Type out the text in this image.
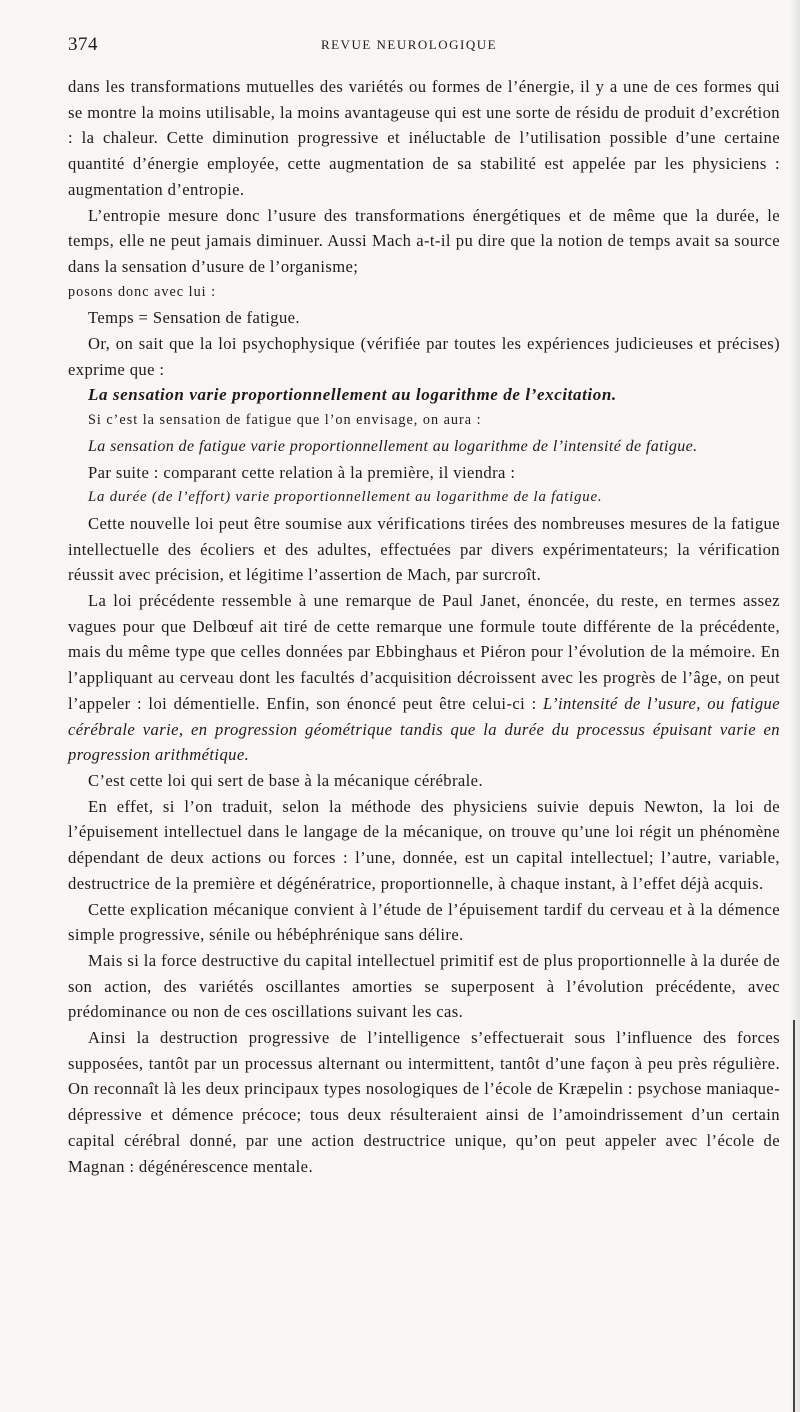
374	REVUE NEUROLOGIQUE

dans les transformations mutuelles des variétés ou formes de l’énergie, il y a une de ces formes qui se montre la moins utilisable, la moins avantageuse qui est une sorte de résidu de produit d’excrétion : la chaleur. Cette diminution progressive et inéluctable de l’utilisation possible d’une certaine quantité d’énergie employée, cette augmentation de sa stabilité est appelée par les physiciens : augmentation d’entropie.

L’entropie mesure donc l’usure des transformations énergétiques et de même que la durée, le temps, elle ne peut jamais diminuer. Aussi Mach a-t-il pu dire que la notion de temps avait sa source dans la sensation d’usure de l’organisme;

posons donc avec lui :

Temps = Sensation de fatigue.

Or, on sait que la loi psychophysique (vérifiée par toutes les expériences judicieuses et précises) exprime que :

La sensation varie proportionnellement au logarithme de l’excitation.

Si c’est la sensation de fatigue que l’on envisage, on aura :

La sensation de fatigue varie proportionnellement au logarithme de l’intensité de fatigue.

Par suite : comparant cette relation à la première, il viendra :

La durée (de l’effort) varie proportionnellement au logarithme de la fatigue.

Cette nouvelle loi peut être soumise aux vérifications tirées des nombreuses mesures de la fatigue intellectuelle des écoliers et des adultes, effectuées par divers expérimentateurs; la vérification réussit avec précision, et légitime l’assertion de Mach, par surcroît.

La loi précédente ressemble à une remarque de Paul Janet, énoncée, du reste, en termes assez vagues pour que Delbœuf ait tiré de cette remarque une formule toute différente de la précédente, mais du même type que celles données par Ebbinghaus et Piéron pour l’évolution de la mémoire. En l’appliquant au cerveau dont les facultés d’acquisition décroissent avec les progrès de l’âge, on peut l’appeler : loi démentielle. Enfin, son énoncé peut être celui-ci : L’intensité de l’usure, ou fatigue cérébrale varie, en progression géométrique tandis que la durée du processus épuisant varie en progression arithmétique.

C’est cette loi qui sert de base à la mécanique cérébrale.

En effet, si l’on traduit, selon la méthode des physiciens suivie depuis Newton, la loi de l’épuisement intellectuel dans le langage de la mécanique, on trouve qu’une loi régit un phénomène dépendant de deux actions ou forces : l’une, donnée, est un capital intellectuel; l’autre, variable, destructrice de la première et dégénératrice, proportionnelle, à chaque instant, à l’effet déjà acquis.

Cette explication mécanique convient à l’étude de l’épuisement tardif du cerveau et à la démence simple progressive, sénile ou hébéphrénique sans délire.

Mais si la force destructive du capital intellectuel primitif est de plus proportionnelle à la durée de son action, des variétés oscillantes amorties se superposent à l’évolution précédente, avec prédominance ou non de ces oscillations suivant les cas.

Ainsi la destruction progressive de l’intelligence s’effectuerait sous l’influence des forces supposées, tantôt par un processus alternant ou intermittent, tantôt d’une façon à peu près régulière. On reconnaît là les deux principaux types nosologiques de l’école de Kræpelin : psychose maniaque-dépressive et démence précoce; tous deux résulteraient ainsi de l’amoindrissement d’un certain capital cérébral donné, par une action destructrice unique, qu’on peut appeler avec l’école de Magnan : dégénérescence mentale.
